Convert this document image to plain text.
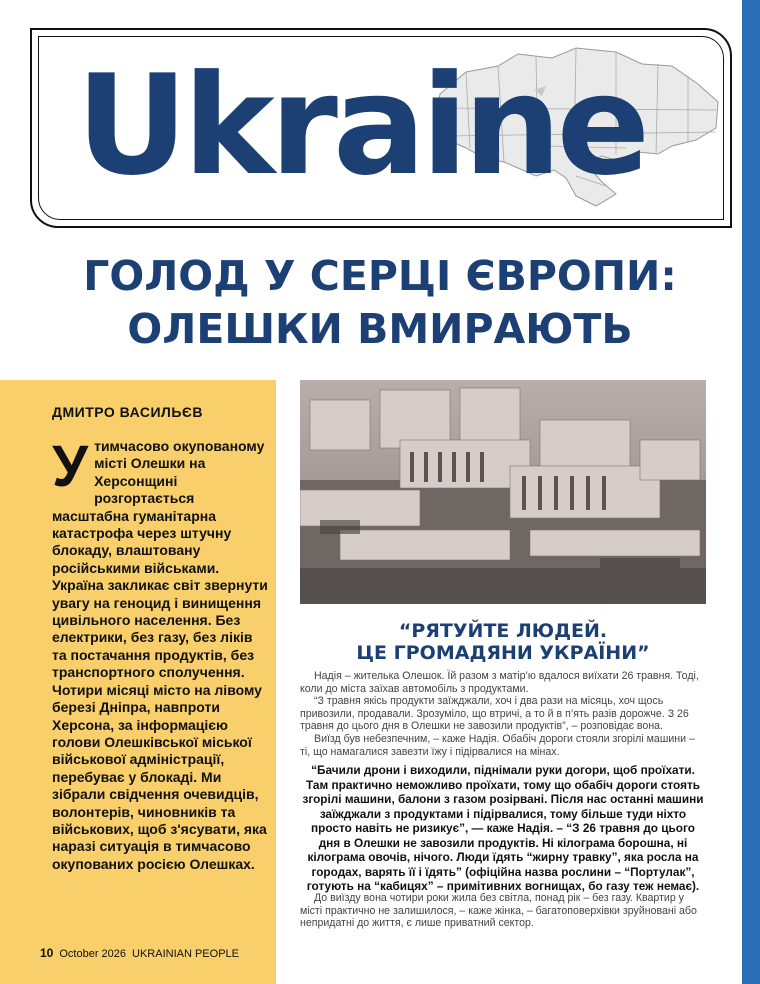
Ukraine
ГОЛОД У СЕРЦІ ЄВРОПИ:
ОЛЕШКИ ВМИРАЮТЬ

ДМИТРО ВАСИЛЬЄВ

Утимчасово окупованому місті Олешки на Херсонщині розгортається масштабна гуманітарна катастрофа через штучну блокаду, влаштовану російськими військами. Україна закликає світ звернути увагу на геноцид і винищення цивільного населення. Без електрики, без газу, без ліків та постачання продуктів, без транспортного сполучення. Чотири місяці місто на лівому березі Дніпра, навпроти Херсона, за інформацією голови Олешківської міської військової адміністрації, перебуває у блокаді. Ми зібрали свідчення очевидців, волонтерів, чиновників та військових, щоб з'ясувати, яка наразі ситуація в тимчасово окупованих росією Олешках.

10 October 2026 UKRAINIAN PEOPLE

“РЯТУЙТЕ ЛЮДЕЙ.
ЦЕ ГРОМАДЯНИ УКРАЇНИ”

Надія – жителька Олешок. Їй разом з матір’ю вдалося виїхати 26 травня. Тоді, коли до міста заїхав автомобіль з продуктами.

“З травня якісь продукти заїжджали, хоч і два рази на місяць, хоч щось привозили, продавали. Зрозуміло, що втричі, а то й в п’ять разів дорожче. З 26 травня до цього дня в Олешки не завозили продуктів”, – розповідає вона.

Виїзд був небезпечним, – каже Надія. Обабіч дороги стояли згорілі машини – ті, що намагалися завезти їжу і підірвалися на мінах.

“Бачили дрони і виходили, піднімали руки догори, щоб проїхати. Там практично неможливо проїхати, тому що обабіч дороги стоять згорілі машини, балони з газом розірвані. Після нас останні машини заїжджали з продуктами і підірвалися, тому більше туди ніхто просто навіть не ризикує”, — каже Надія. – “З 26 травня до цього дня в Олешки не завозили продуктів. Ні кілограма борошна, ні кілограма овочів, нічого. Люди їдять “жирну травку”, яка росла на городах, варять її і їдять” (офіційна назва рослини – “Портулак”, готують на “кабицях” – примітивних вогнищах, бо газу теж немає).

До виїзду вона чотири роки жила без світла, понад рік – без газу. Квартир у місті практично не залишилося, – каже жінка, – багатоповерхівки зруйновані або непридатні до життя, є лише приватний сектор.
